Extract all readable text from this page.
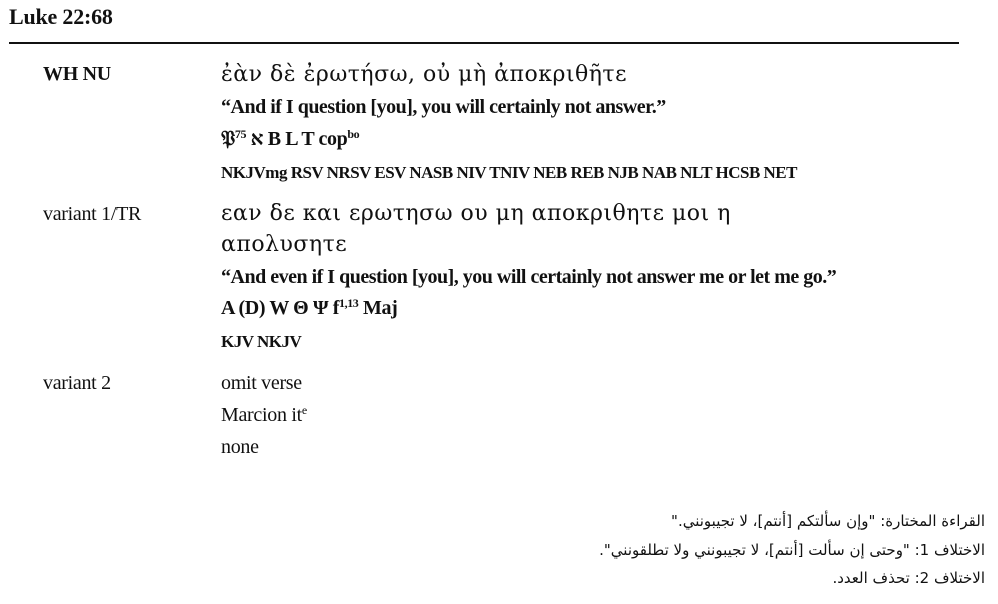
Luke 22:68
WH NU	ἐὰν δὲ ἐρωτήσω, οὐ μὴ ἀποκριθῆτε
“And if I question [you], you will certainly not answer.”
𝔓$^{75}$ א B L T cop$^{bo}$
NKJVmg RSV NRSV ESV NASB NIV TNIV NEB REB NJB NAB NLT HCSB NET
variant 1/TR	εαν δε και ερωτησω ου μη αποκριθητε μοι η
απολυσητε
“And even if I question [you], you will certainly not answer me or let me go.”
A (D) W Θ Ψ $f^{1,13}$ Maj
KJV NKJV
variant 2	omit verse
Marcion $it^e$
none
القراءة المختارة: "وإن سألتكم [أنتم]، لا تجيبونني."
الاختلاف 1: "وحتى إن سألت [أنتم]، لا تجيبونني ولا تطلقونني".
الاختلاف 2: تحذف العدد.
